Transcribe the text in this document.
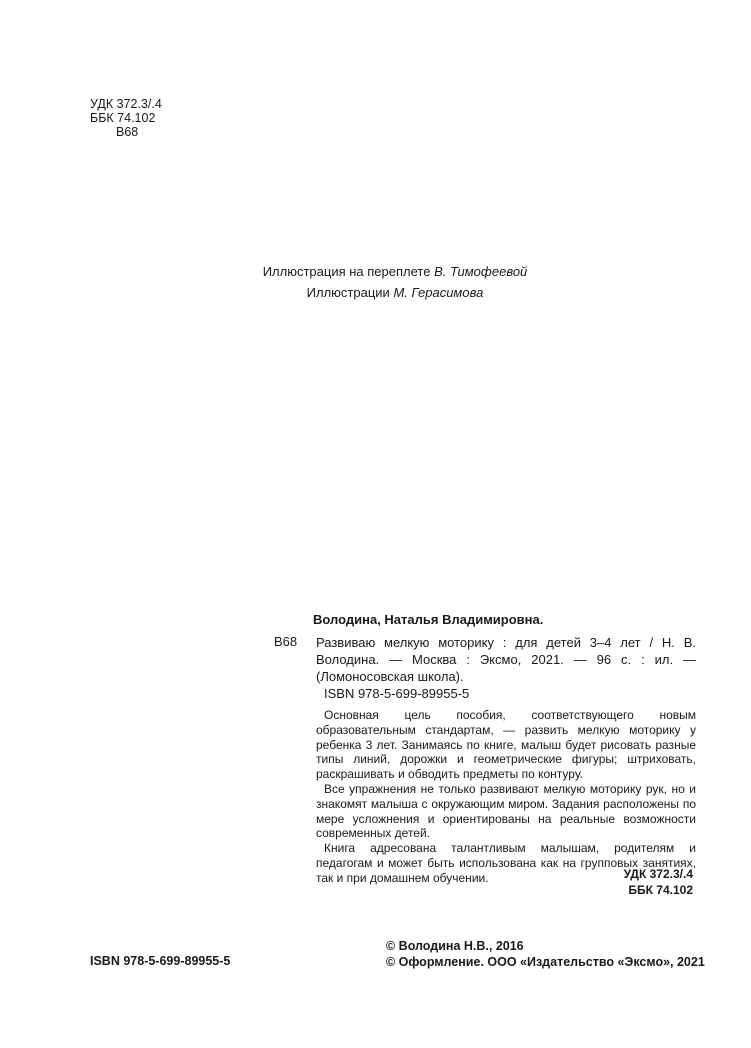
УДК 372.3/.4
ББК 74.102
В68
Иллюстрация на переплете В. Тимофеевой
Иллюстрации М. Герасимова
Володина, Наталья Владимировна.
В68 Развиваю мелкую моторику : для детей 3–4 лет / Н. В. Володина. — Москва : Эксмо, 2021. — 96 с. : ил. — (Ломоносовская школа).
ISBN 978-5-699-89955-5

Основная цель пособия, соответствующего новым образовательным стандартам, — развить мелкую моторику у ребенка 3 лет. Занимаясь по книге, малыш будет рисовать разные типы линий, дорожки и геометрические фигуры; штриховать, раскрашивать и обводить предметы по контуру.

Все упражнения не только развивают мелкую моторику рук, но и знакомят малыша с окружающим миром. Задания расположены по мере усложнения и ориентированы на реальные возможности современных детей.

Книга адресована талантливым малышам, родителям и педагогам и может быть использована как на групповых занятиях, так и при домашнем обучении.	УДК 372.3/.4
ББК 74.102
© Володина Н.В., 2016
© Оформление. ООО «Издательство «Эксмо», 2021
ISBN 978-5-699-89955-5
